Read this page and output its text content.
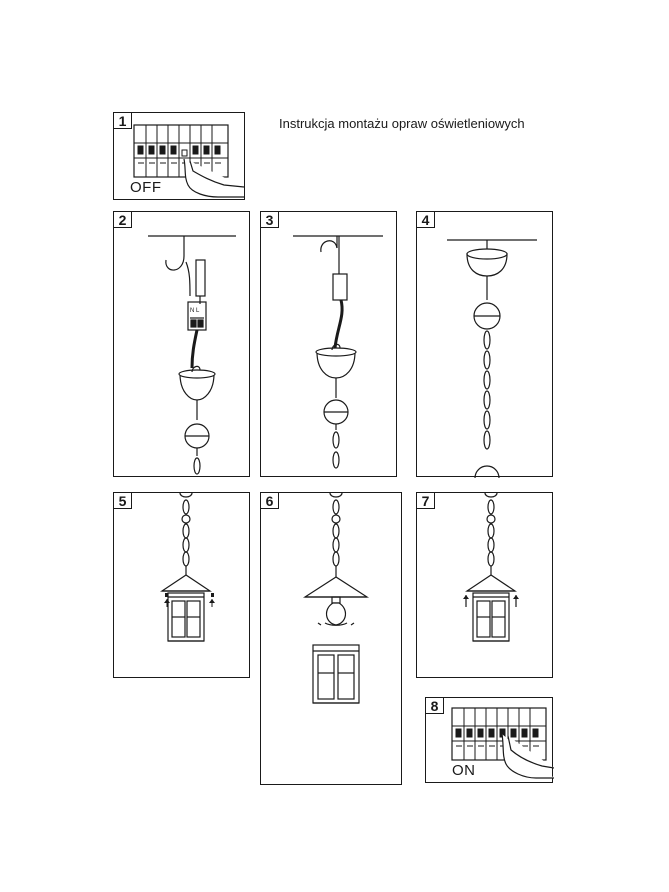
Instrukcja montażu opraw oświetleniowych
1
OFF
2
N L
3	4
5	6	7
8
ON
